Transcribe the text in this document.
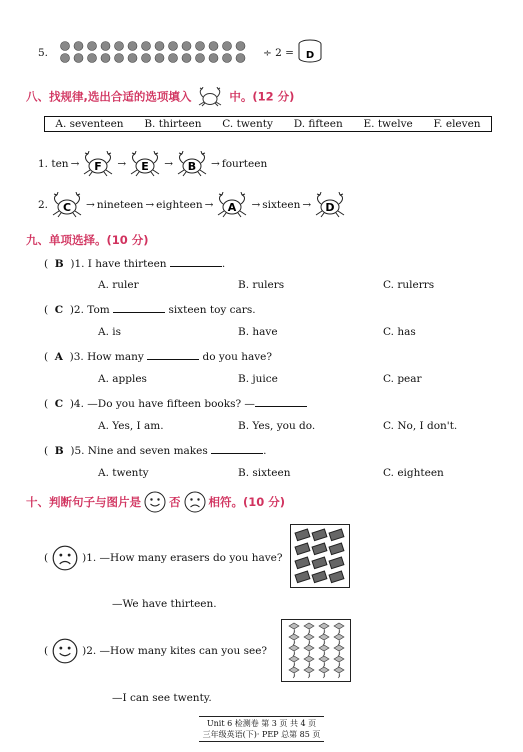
5.	÷ 2 = D
八、找规律,选出合适的选项填入	中。(12 分)
A. seventeen B. thirteen C. twenty D. fifteen E. twelve F. eleven
1. ten → F → E → B → fourteen
2. C → nineteen → eighteen → A → sixteen → D
九、单项选择。(10 分)
(  B )1. I have thirteen	.
A. ruler	B. rulers	C. rulerrs
(  C )2. Tom	sixteen toy cars.
A. is	B. have	C. has
(  A )3. How many	do you have?
A. apples	B. juice	C. pear
(  C )4. —Do you have fifteen books? —
A. Yes, I am.	B. Yes, you do.	C. No, I don't.
(  B )5. Nine and seven makes	.
A. twenty	B. sixteen	C. eighteen
十、判断句子与图片是 否 相符。(10 分)
(	)1. —How many erasers do you have?
—We have thirteen.
(	)2. —How many kites can you see?
—I can see twenty.
Unit 6 检测卷 第 3 页 共 4 页
三年级英语(下)· PEP 总第 85 页
